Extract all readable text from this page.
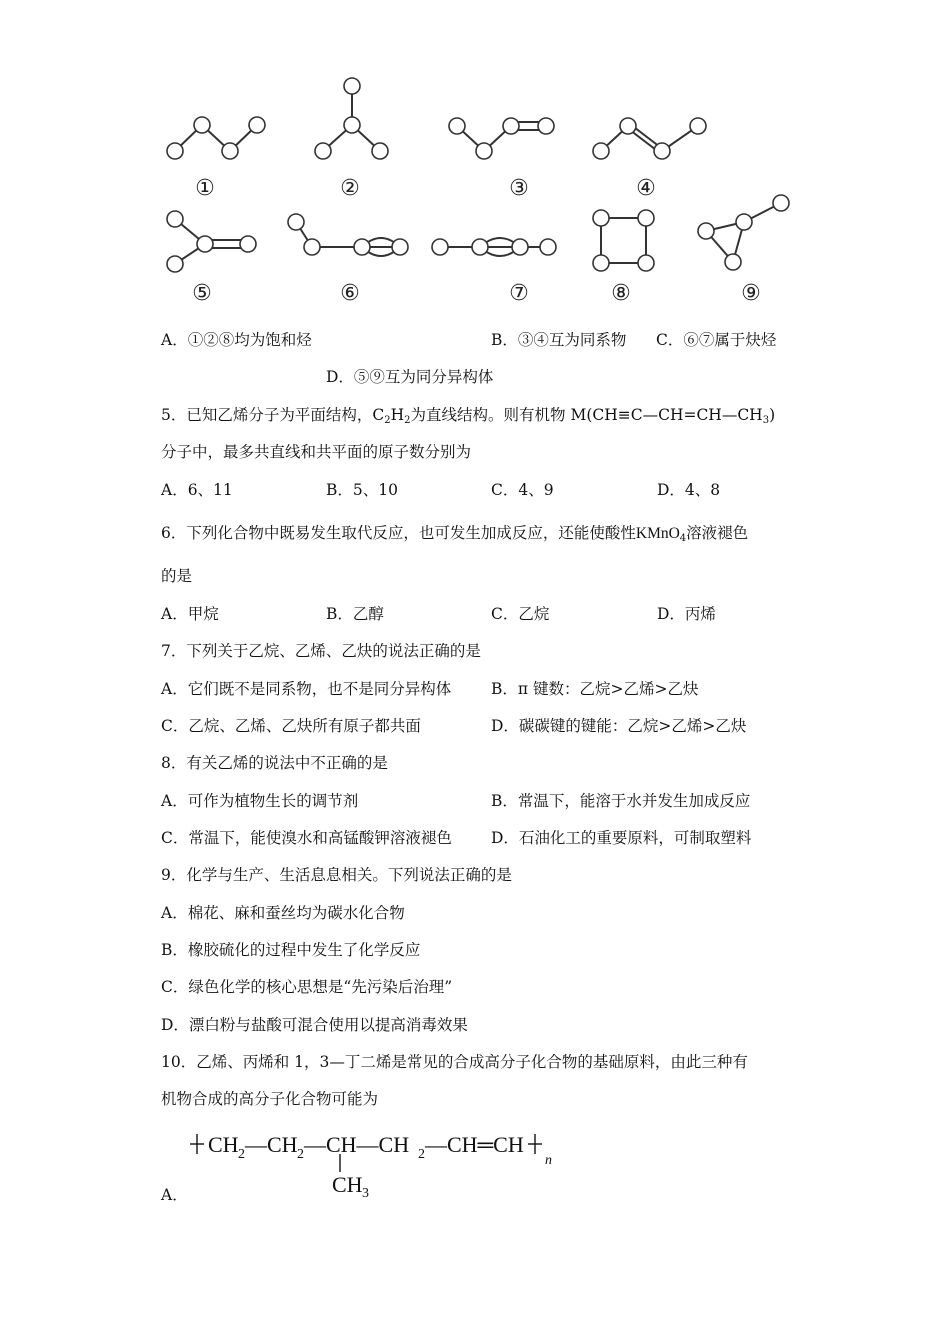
①	②	③	④
⑤	⑥	⑦	⑧	⑨
A．①②⑧均为饱和烃	B．③④互为同系物 C．⑥⑦属于炔烃
D．⑤⑨互为同分异构体
5．已知乙烯分子为平面结构，$C_2H_2$为直线结构。则有机物 $M(CH\equiv C—CH=CH—CH_3)$
分子中，最多共直线和共平面的原子数分别为
A．6、11	B．5、10	C．4、9	D．4、8
6．下列化合物中既易发生取代反应，也可发生加成反应，还能使酸性KMnO$_4$溶液褪色
的是
A．甲烷	B．乙醇	C．乙烷	D．丙烯
7．下列关于乙烷、乙烯、乙炔的说法正确的是
A．它们既不是同系物，也不是同分异构体	B．π 键数：乙烷>乙烯>乙炔
C．乙烷、乙烯、乙炔所有原子都共面	D．碳碳键的键能：乙烷>乙烯>乙炔
8．有关乙烯的说法中不正确的是
A．可作为植物生长的调节剂	B．常温下，能溶于水并发生加成反应
C．常温下，能使溴水和高锰酸钾溶液褪色	D．石油化工的重要原料，可制取塑料
9．化学与生产、生活息息相关。下列说法正确的是
A．棉花、麻和蚕丝均为碳水化合物
B．橡胶硫化的过程中发生了化学反应
C．绿色化学的核心思想是“先污染后治理”
D．漂白粉与盐酸可混合使用以提高消毒效果
10．乙烯、丙烯和 1，3—丁二烯是常见的合成高分子化合物的基础原料，由此三种有
机物合成的高分子化合物可能为
CH 2 —CH 2 —CH—CH 2 —CH═CH
n
CH 3
A．
